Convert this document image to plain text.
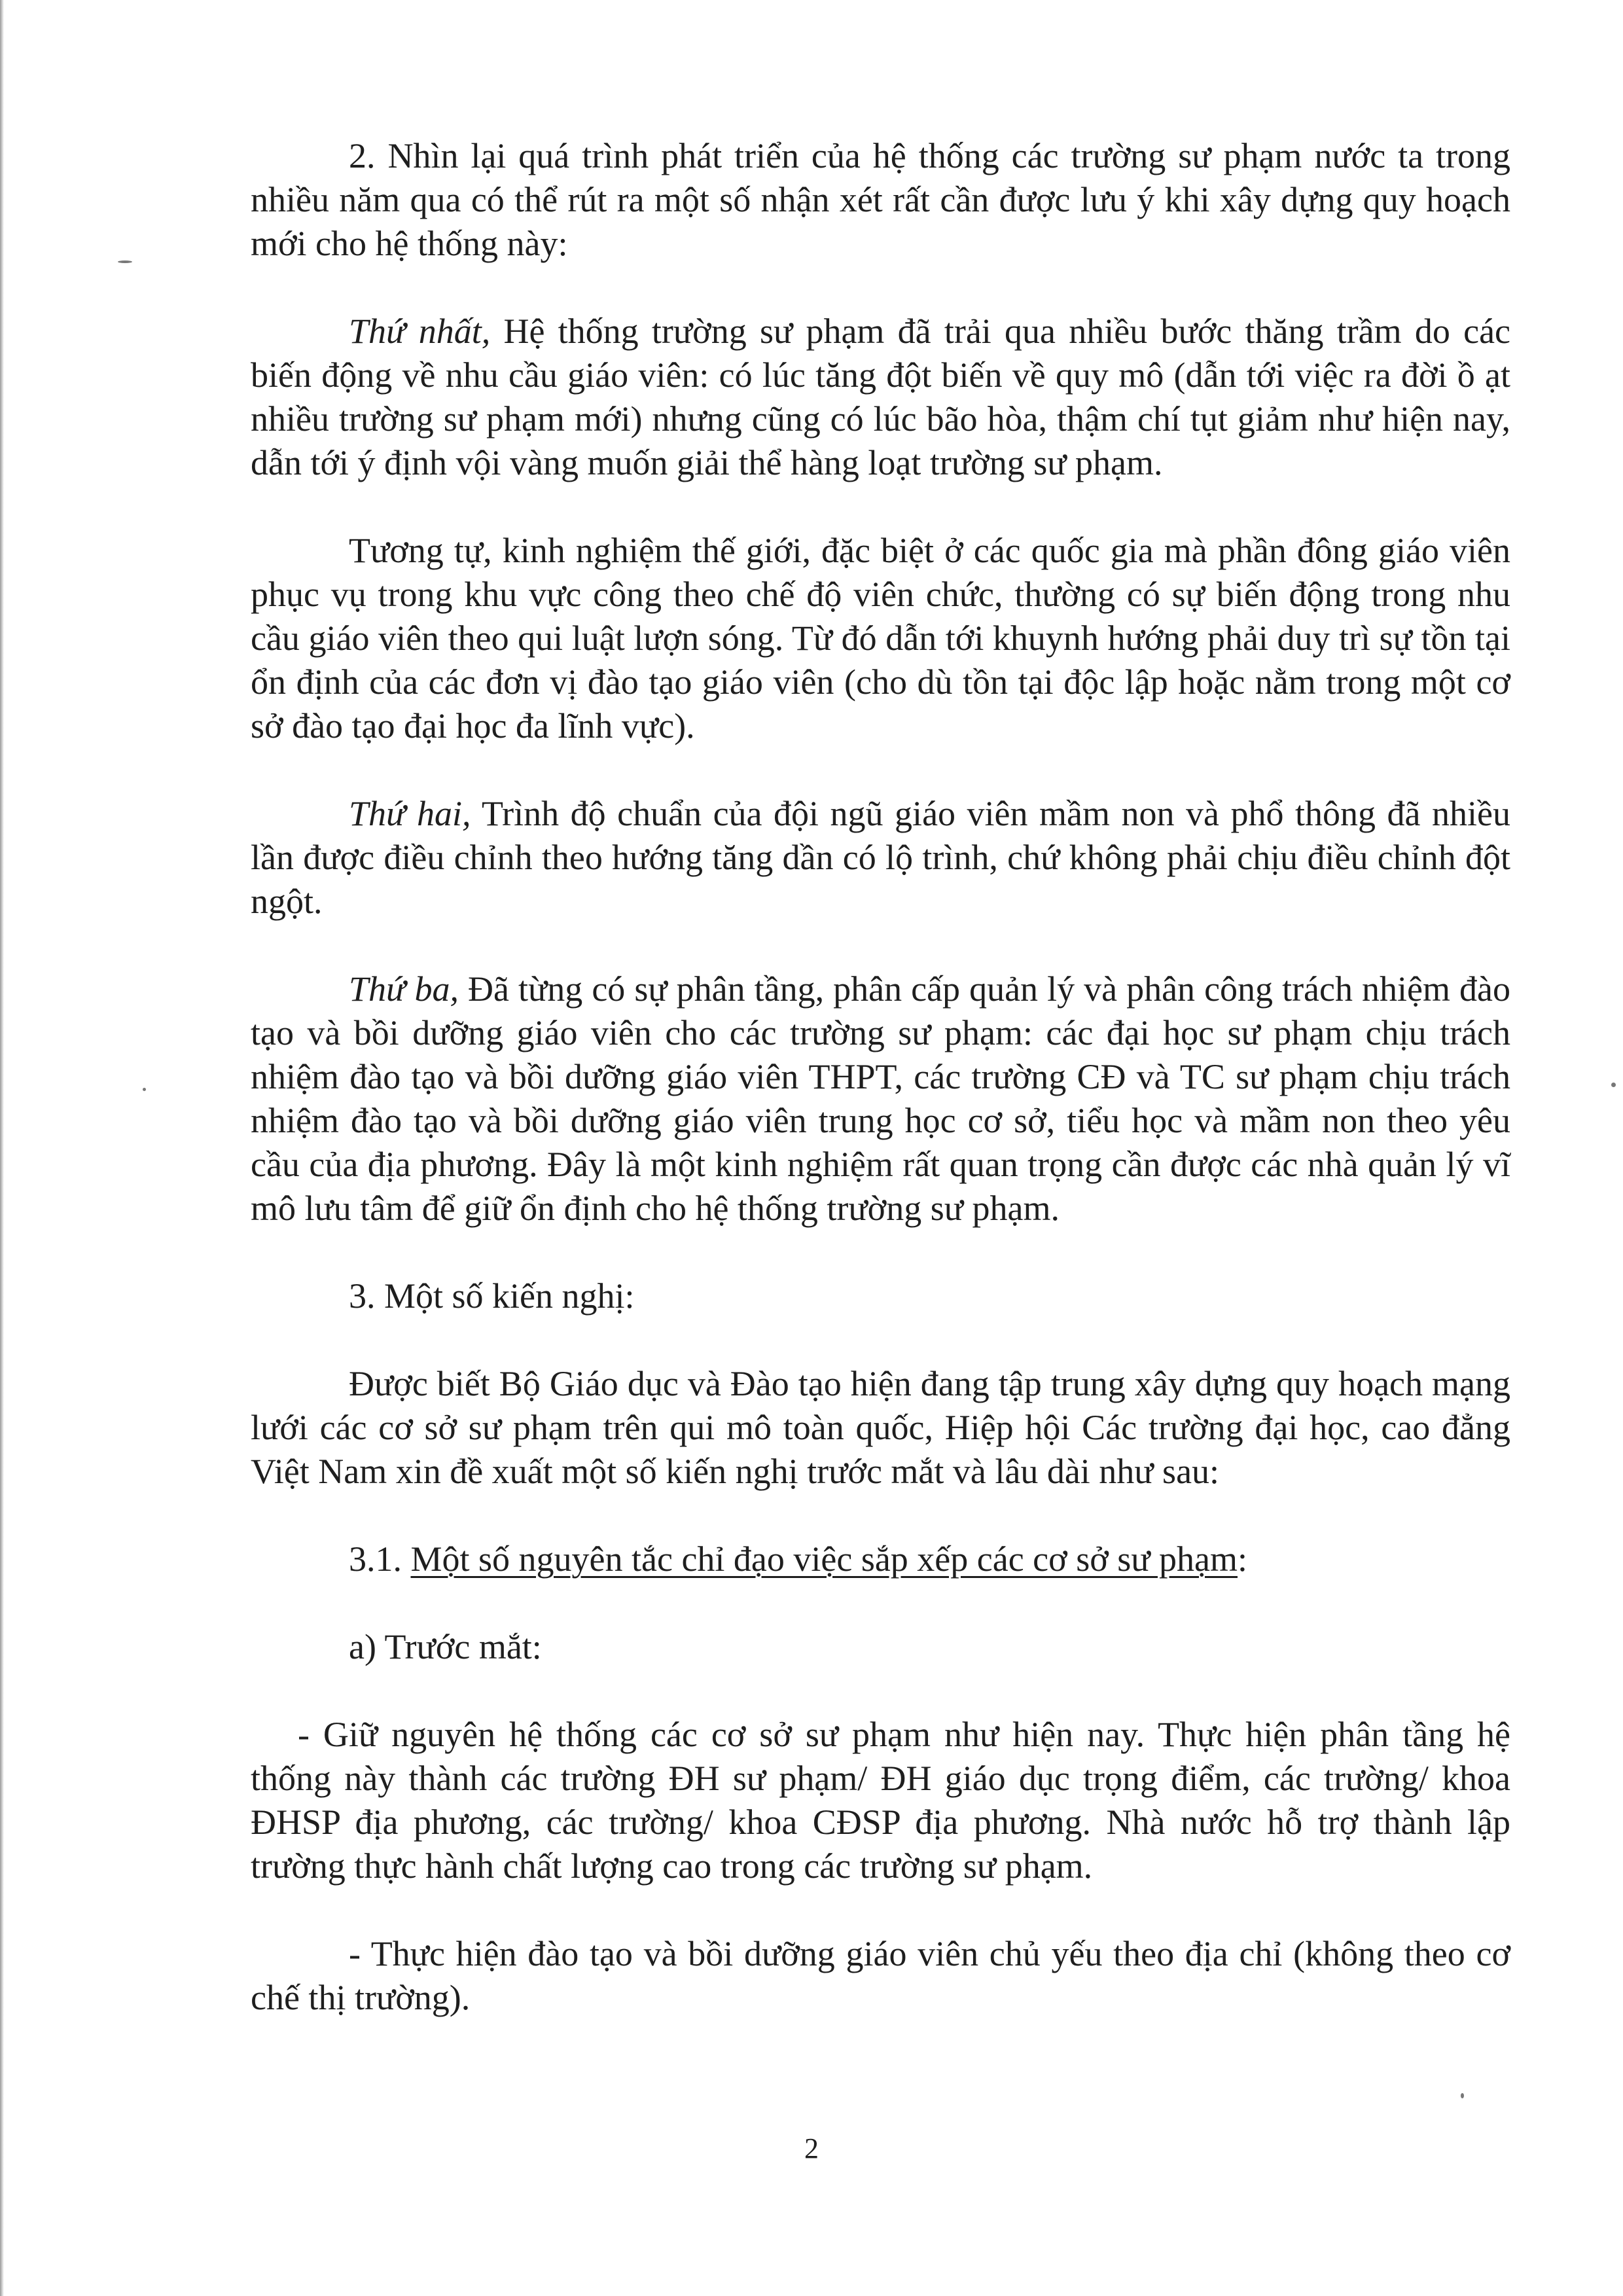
2. Nhìn lại quá trình phát triển của hệ thống các trường sư phạm nước ta trong nhiều năm qua có thể rút ra một số nhận xét rất cần được lưu ý khi xây dựng quy hoạch mới cho hệ thống này:

Thứ nhất, Hệ thống trường sư phạm đã trải qua nhiều bước thăng trầm do các biến động về nhu cầu giáo viên: có lúc tăng đột biến về quy mô (dẫn tới việc ra đời ồ ạt nhiều trường sư phạm mới) nhưng cũng có lúc bão hòa, thậm chí tụt giảm như hiện nay, dẫn tới ý định vội vàng muốn giải thể hàng loạt trường sư phạm.

Tương tự, kinh nghiệm thế giới, đặc biệt ở các quốc gia mà phần đông giáo viên phục vụ trong khu vực công theo chế độ viên chức, thường có sự biến động trong nhu cầu giáo viên theo qui luật lượn sóng. Từ đó dẫn tới khuynh hướng phải duy trì sự tồn tại ổn định của các đơn vị đào tạo giáo viên (cho dù tồn tại độc lập hoặc nằm trong một cơ sở đào tạo đại học đa lĩnh vực).

Thứ hai, Trình độ chuẩn của đội ngũ giáo viên mầm non và phổ thông đã nhiều lần được điều chỉnh theo hướng tăng dần có lộ trình, chứ không phải chịu điều chỉnh đột ngột.

Thứ ba, Đã từng có sự phân tầng, phân cấp quản lý và phân công trách nhiệm đào tạo và bồi dưỡng giáo viên cho các trường sư phạm: các đại học sư phạm chịu trách nhiệm đào tạo và bồi dưỡng giáo viên THPT, các trường CĐ và TC sư phạm chịu trách nhiệm đào tạo và bồi dưỡng giáo viên trung học cơ sở, tiểu học và mầm non theo yêu cầu của địa phương. Đây là một kinh nghiệm rất quan trọng cần được các nhà quản lý vĩ mô lưu tâm để giữ ổn định cho hệ thống trường sư phạm.

3. Một số kiến nghị:

Được biết Bộ Giáo dục và Đào tạo hiện đang tập trung xây dựng quy hoạch mạng lưới các cơ sở sư phạm trên qui mô toàn quốc, Hiệp hội Các trường đại học, cao đẳng Việt Nam xin đề xuất một số kiến nghị trước mắt và lâu dài như sau:

3.1. Một số nguyên tắc chỉ đạo việc sắp xếp các cơ sở sư phạm:

a) Trước mắt:

- Giữ nguyên hệ thống các cơ sở sư phạm như hiện nay. Thực hiện phân tầng hệ thống này thành các trường ĐH sư phạm/ ĐH giáo dục trọng điểm, các trường/ khoa ĐHSP địa phương, các trường/ khoa CĐSP địa phương. Nhà nước hỗ trợ thành lập trường thực hành chất lượng cao trong các trường sư phạm.

- Thực hiện đào tạo và bồi dưỡng giáo viên chủ yếu theo địa chỉ (không theo cơ chế thị trường).

2
